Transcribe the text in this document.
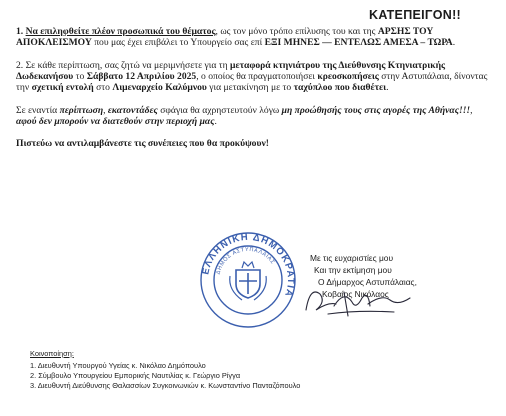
ΚΑΤΕΠΕΙΓΟΝ!!

1. Να επιληφθείτε πλέον προσωπικά του θέματος, ως τον μόνο τρόπο επίλυσης του και της ΑΡΣΗΣ ΤΟΥ ΑΠΟΚΛΕΙΣΜΟΥ που μας έχει επιβάλει το Υπουργείο σας επί ΕΞΙ ΜΗΝΕΣ — ΕΝΤΕΛΩΣ ΑΜΕΣΑ – ΤΩΡΑ.

2. Σε κάθε περίπτωση, σας ζητώ να μεριμνήσετε για τη μεταφορά κτηνιάτρου της Διεύθυνσης Κτηνιατρικής Δωδεκανήσου το Σάββατο 12 Απριλίου 2025, ο οποίος θα πραγματοποιήσει κρεοσκοπήσεις στην Αστυπάλαια, δίνοντας την σχετική εντολή στο Λιμεναρχείο Καλύμνου για μετακίνηση με το ταχύπλοο που διαθέτει.

Σε εναντία περίπτωση, εκατοντάδες σφάγια θα αχρηστευτούν λόγω μη προώθησής τους στις αγορές της Αθήνας!!!, αφού δεν μπορούν να διατεθούν στην περιοχή μας.

Πιστεύω να αντιλαμβάνεστε τις συνέπειες που θα προκύψουν!

ΕΛΛΗΝΙΚΗ ΔΗΜΟΚΡΑΤΙΑ
ΔΗΜΟΣ ΑΣΤΥΠΑΛΑΙΑΣ	Με τις ευχαριστίες μου
Και την εκτίμηση μου
Ο Δήμαρχος Αστυπάλαιας,
Κοβαίος Νικόλαος
Κοινοποίηση:
1. Διευθυντή Υπουργού Υγείας κ. Νικόλαο Δημόπουλο
2. Σύμβουλο Υπουργείου Εμπορικής Ναυτιλίας κ. Γεώργιο Ρίγγα
3. Διευθυντή Διεύθυνσης Θαλασσίων Συγκοινωνιών κ. Κωνσταντίνο Πανταζόπουλο
